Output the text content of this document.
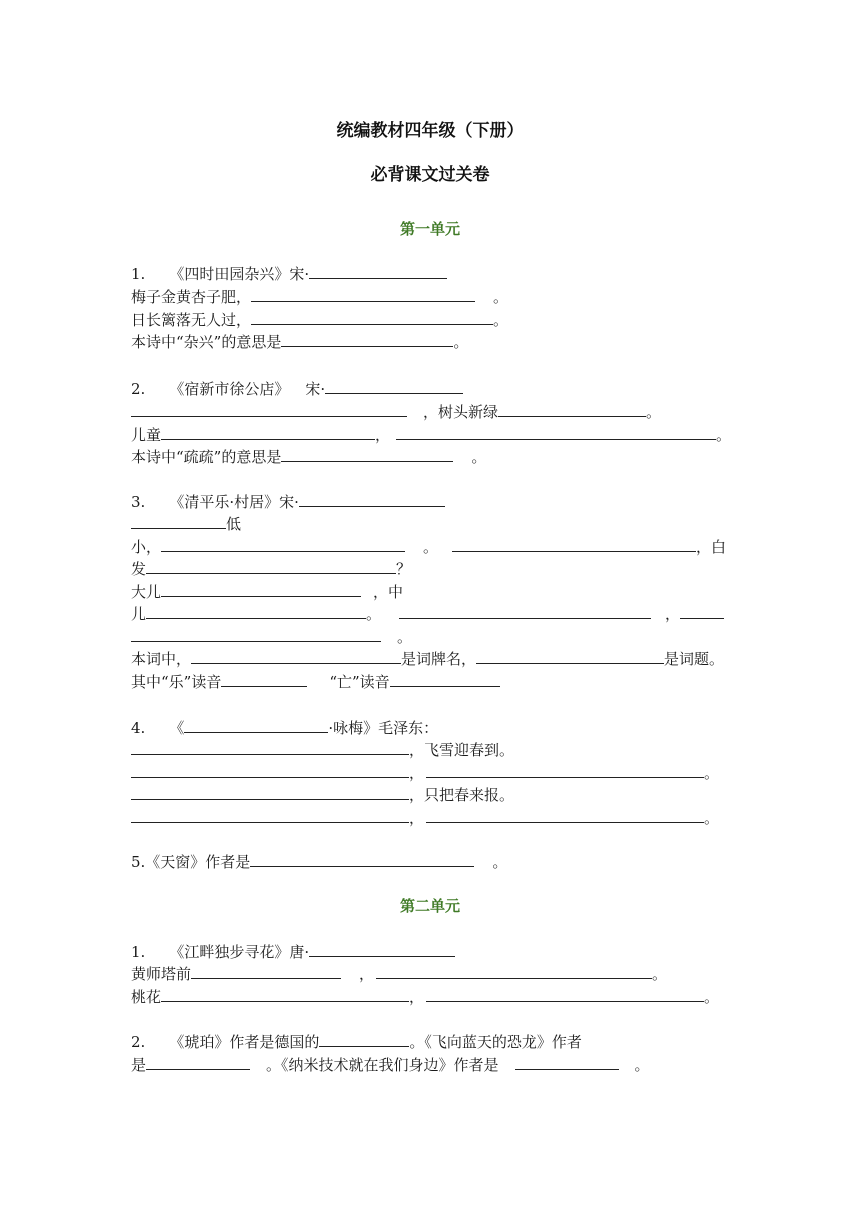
统编教材四年级（下册）
必背课文过关卷
第一单元
1. 《四时田园杂兴》宋·
梅子金黄杏子肥，	。
日长篱落无人过，	。
本诗中“杂兴”的意思是	。
2. 《宿新市徐公店》 宋·
，树头新绿	。
儿童	，	。
本诗中“疏疏”的意思是	。
3. 《清平乐·村居》宋·
低
小，	。	，白
发	？
大儿	，中
儿	。	，
。
本词中，	是词牌名，	是词题。
其中“乐”读音	“亡”读音
4. 《	·咏梅》毛泽东：
，飞雪迎春到。
，	。
，只把春来报。
，	。
5.《天窗》作者是	。
第二单元
1. 《江畔独步寻花》唐·
黄师塔前	，	。
桃花	，	。
2. 《琥珀》作者是德国的	。《飞向蓝天的恐龙》作者
是	。《纳米技术就在我们身边》作者是	。
